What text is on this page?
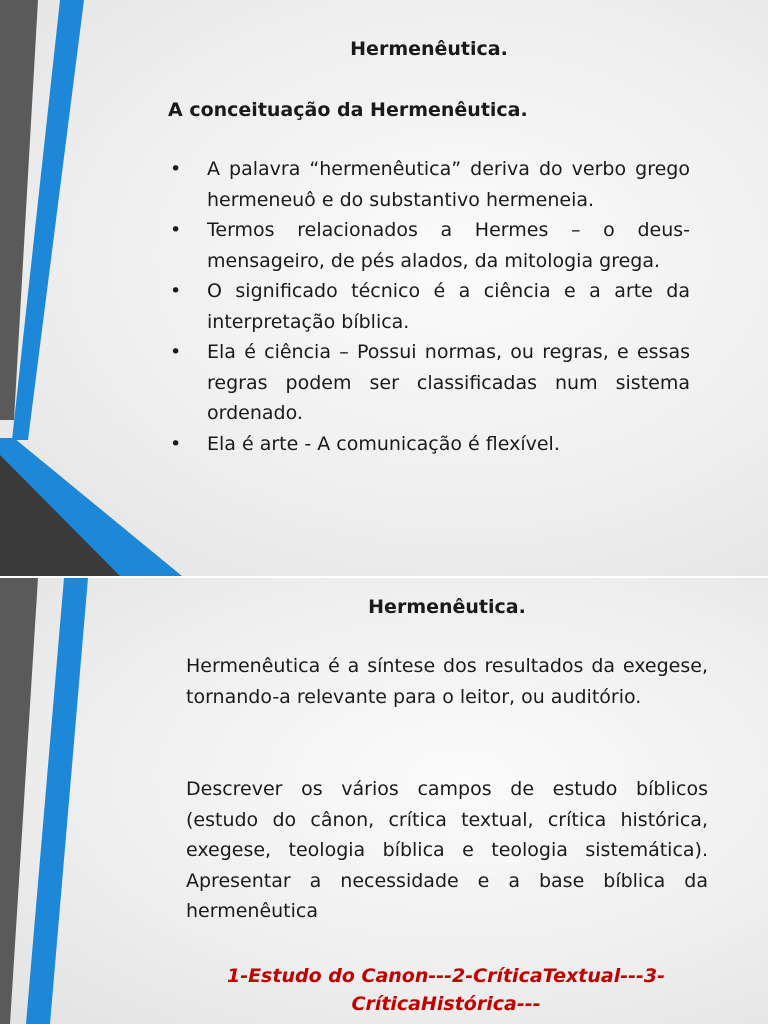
Hermenêutica.
A conceituação da Hermenêutica.
• A palavra “hermenêutica” deriva do verbo grego hermeneuô e do substantivo hermeneia.
• Termos relacionados a Hermes – o deus-mensageiro, de pés alados, da mitologia grega.
• O significado técnico é a ciência e a arte da interpretação bíblica.
• Ela é ciência – Possui normas, ou regras, e essas regras podem ser classificadas num sistema ordenado.
• Ela é arte - A comunicação é flexível.
Hermenêutica.

Hermenêutica é a síntese dos resultados da exegese, tornando-a relevante para o leitor, ou auditório.

Descrever os vários campos de estudo bíblicos (estudo do cânon, crítica textual, crítica histórica, exegese, teologia bíblica e teologia sistemática). Apresentar a necessidade e a base bíblica da hermenêutica

1-Estudo do Canon---2-CríticaTextual---3-CríticaHistórica---
